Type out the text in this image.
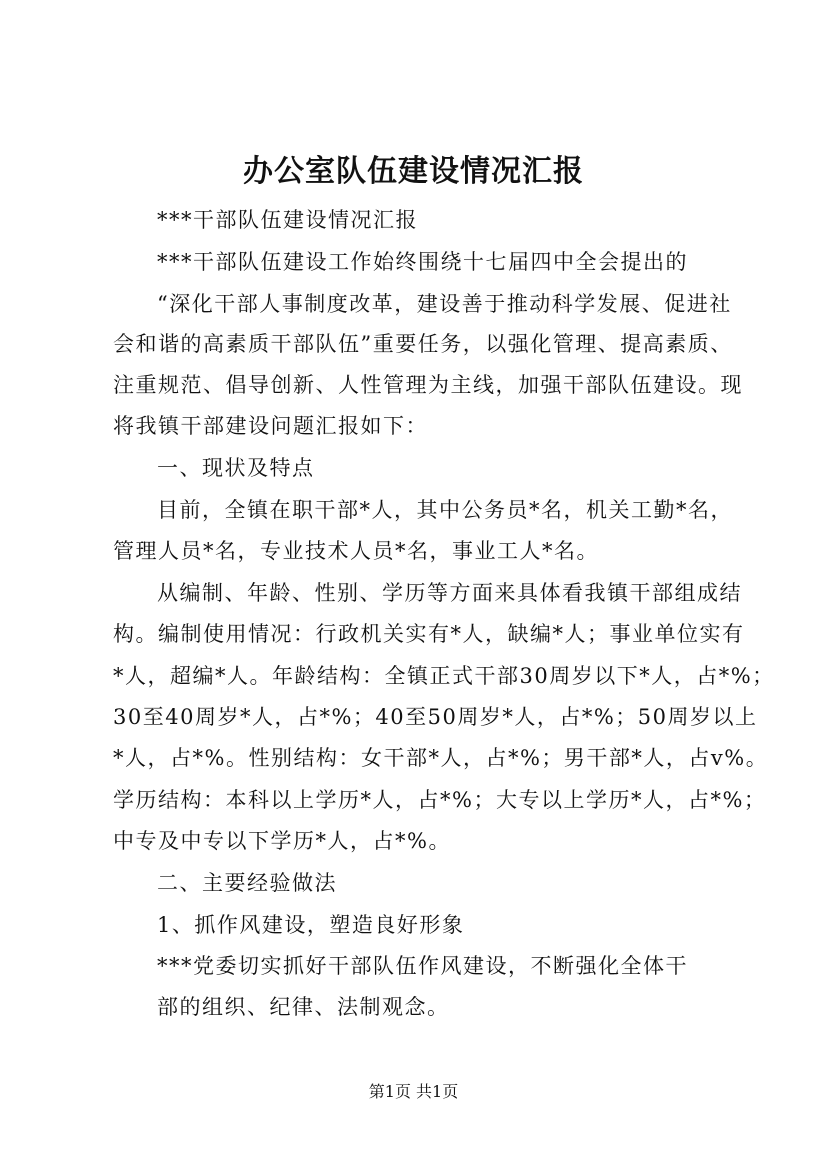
办公室队伍建设情况汇报

***干部队伍建设情况汇报

***干部队伍建设工作始终围绕十七届四中全会提出的

“深化干部人事制度改革，建设善于推动科学发展、促进社

会和谐的高素质干部队伍”重要任务，以强化管理、提高素质、

注重规范、倡导创新、人性管理为主线，加强干部队伍建设。现

将我镇干部建设问题汇报如下：

一、现状及特点

目前，全镇在职干部*人，其中公务员*名，机关工勤*名，

管理人员*名，专业技术人员*名，事业工人*名。

从编制、年龄、性别、学历等方面来具体看我镇干部组成结

构。编制使用情况：行政机关实有*人，缺编*人；事业单位实有

*人，超编*人。年龄结构：全镇正式干部30周岁以下*人，占*%；

30至40周岁*人，占*%；40至50周岁*人，占*%；50周岁以上

*人，占*%。性别结构：女干部*人，占*%；男干部*人，占v%。

学历结构：本科以上学历*人，占*%；大专以上学历*人，占*%；

中专及中专以下学历*人，占*%。

二、主要经验做法

1、抓作风建设，塑造良好形象

***党委切实抓好干部队伍作风建设，不断强化全体干

部的组织、纪律、法制观念。

第1页 共1页
